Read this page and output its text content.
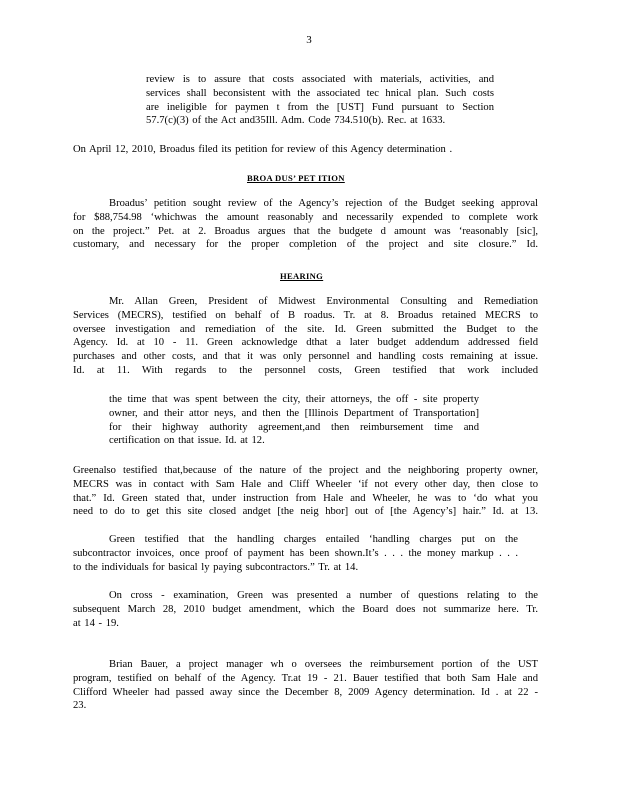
3
review is to assure that costs associated with materials, activities, and
services shall beconsistent with the associated tec hnical plan. Such costs
are ineligible for paymen t from the [UST] Fund pursuant to Section
57.7(c)(3) of the Act and35Ill. Adm. Code 734.510(b). Rec. at 1633.
On April 12, 2010, Broadus filed its petition for review of this Agency determination .
BROA DUS’ PET ITION
Broadus’ petition sought review of the Agency’s rejection of the Budget seeking approval
for $88,754.98 ‘whichwas the amount reasonably and necessarily expended to complete work
on the project.” Pet. at 2. Broadus argues that the budgete d amount was ‘reasonably [sic],
customary, and necessary for the proper completion of the project and site closure.” Id.
HEARING
Mr. Allan Green, President of Midwest Environmental Consulting and Remediation
Services (MECRS), testified on behalf of B roadus. Tr. at 8. Broadus retained MECRS to
oversee investigation and remediation of the site. Id. Green submitted the Budget to the
Agency. Id. at 10 - 11. Green acknowledge dthat a later budget addendum addressed field
purchases and other costs, and that it was only personnel and handling costs remaining at issue.
Id. at 11. With regards to the personnel costs, Green testified that work included
the time that was spent between the city, their attorneys, the off - site property
owner, and their attor neys, and then the [Illinois Department of Transportation]
for their highway authority agreement,and then reimbursement time and
certification on that issue. Id. at 12.
Greenalso testified that,because of the nature of the project and the neighboring property owner,
MECRS was in contact with Sam Hale and Cliff Wheeler ‘if not every other day, then close to
that.” Id. Green stated that, under instruction from Hale and Wheeler, he was to ‘do what you
need to do to get this site closed andget [the neig hbor] out of [the Agency’s] hair.” Id. at 13.
Green testified that the handling charges entailed ‘handling charges put on the
subcontractor invoices, once proof of payment has been shown.It’s . . . the money markup . . .
to the individuals for basical ly paying subcontractors.” Tr. at 14.
On cross - examination, Green was presented a number of questions relating to the
subsequent March 28, 2010 budget amendment, which the Board does not summarize here. Tr.
at 14 - 19.
Brian Bauer, a project manager wh o oversees the reimbursement portion of the UST
program, testified on behalf of the Agency. Tr.at 19 - 21. Bauer testified that both Sam Hale and
Clifford Wheeler had passed away since the December 8, 2009 Agency determination. Id . at 22 -
23.
